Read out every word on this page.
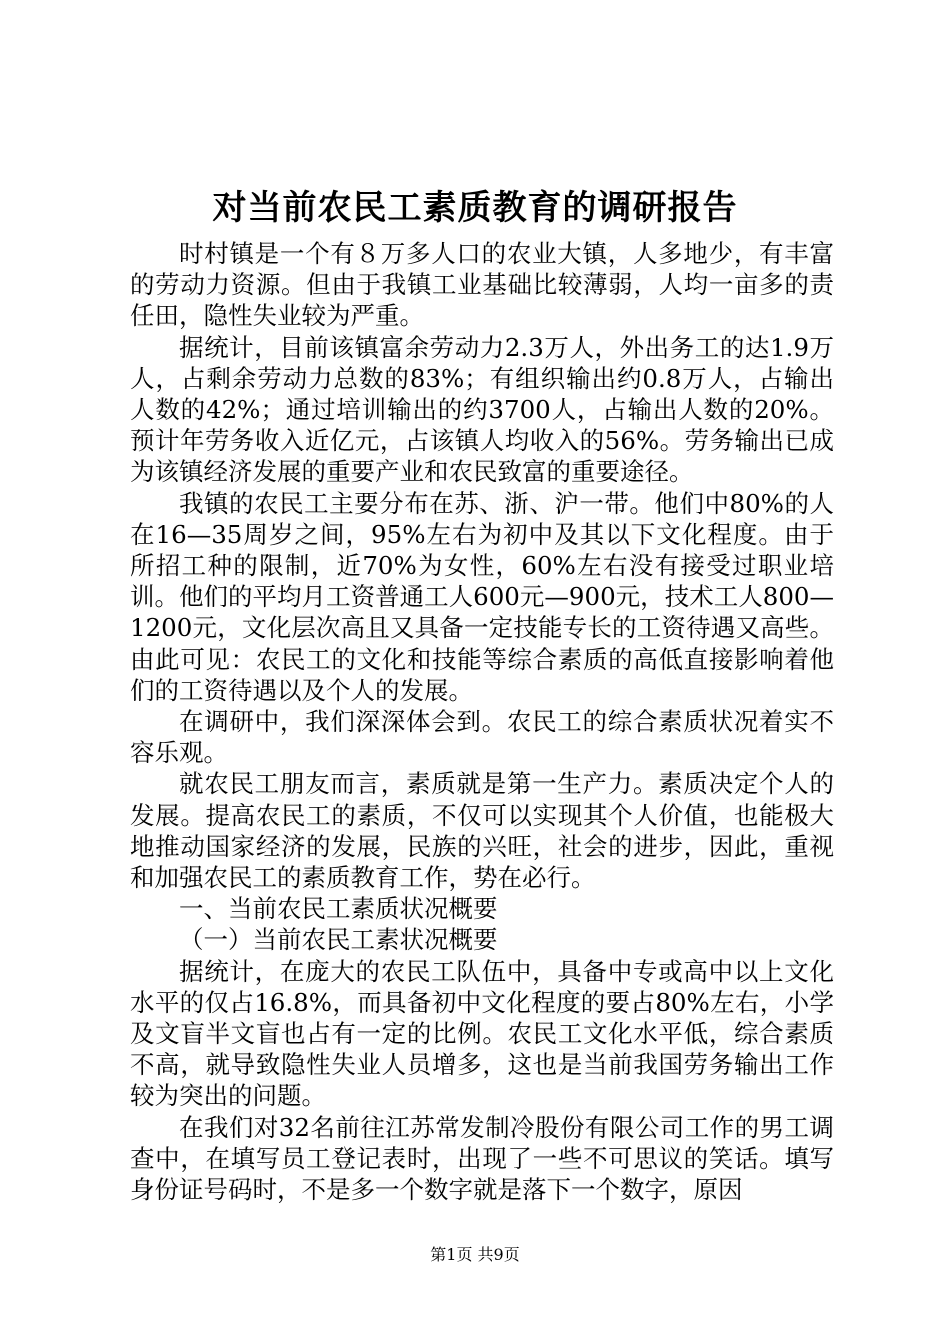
对当前农民工素质教育的调研报告

时村镇是一个有８万多人口的农业大镇，人多地少，有丰富的劳动力资源。但由于我镇工业基础比较薄弱，人均一亩多的责任田，隐性失业较为严重。

据统计，目前该镇富余劳动力2.3万人，外出务工的达1.9万人，占剩余劳动力总数的83%；有组织输出约0.8万人，占输出人数的42%；通过培训输出的约3700人，占输出人数的20%。预计年劳务收入近亿元，占该镇人均收入的56%。劳务输出已成为该镇经济发展的重要产业和农民致富的重要途径。

我镇的农民工主要分布在苏、浙、沪一带。他们中80%的人在16—35周岁之间，95%左右为初中及其以下文化程度。由于所招工种的限制，近70%为女性，60%左右没有接受过职业培训。他们的平均月工资普通工人600元—900元，技术工人800—1200元，文化层次高且又具备一定技能专长的工资待遇又高些。由此可见：农民工的文化和技能等综合素质的高低直接影响着他们的工资待遇以及个人的发展。

在调研中，我们深深体会到。农民工的综合素质状况着实不容乐观。

就农民工朋友而言，素质就是第一生产力。素质决定个人的发展。提高农民工的素质，不仅可以实现其个人价值，也能极大地推动国家经济的发展，民族的兴旺，社会的进步，因此，重视和加强农民工的素质教育工作，势在必行。

一、当前农民工素质状况概要

（一）当前农民工素状况概要

据统计，在庞大的农民工队伍中，具备中专或高中以上文化水平的仅占16.8%，而具备初中文化程度的要占80%左右，小学及文盲半文盲也占有一定的比例。农民工文化水平低，综合素质不高，就导致隐性失业人员增多，这也是当前我国劳务输出工作较为突出的问题。

在我们对32名前往江苏常发制冷股份有限公司工作的男工调查中，在填写员工登记表时，出现了一些不可思议的笑话。填写身份证号码时，不是多一个数字就是落下一个数字，原因

第1页 共9页
